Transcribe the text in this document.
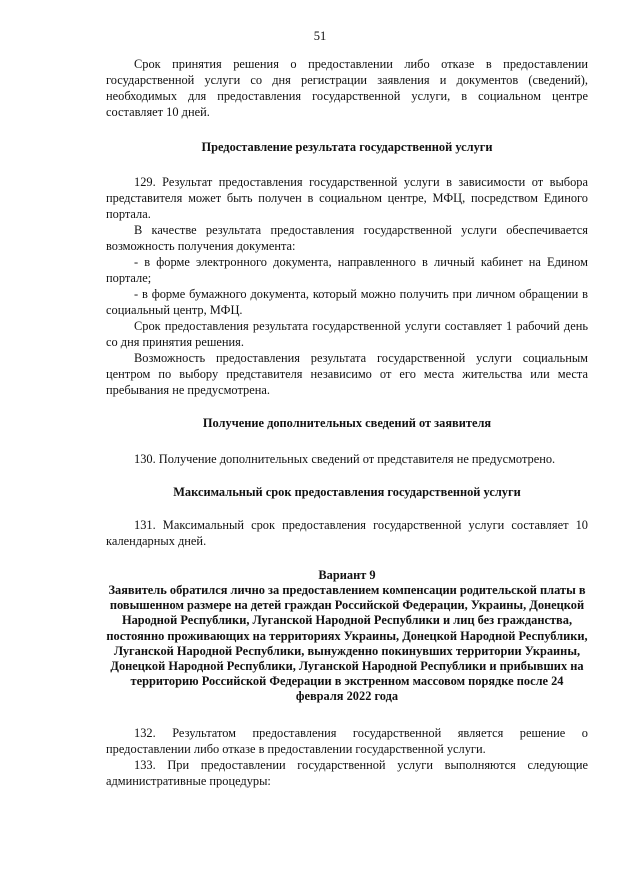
51

Срок принятия решения о предоставлении либо отказе в предоставлении государственной услуги со дня регистрации заявления и документов (сведений), необходимых для предоставления государственной услуги, в социальном центре составляет 10 дней.

Предоставление результата государственной услуги

129. Результат предоставления государственной услуги в зависимости от выбора представителя может быть получен в социальном центре, МФЦ, посредством Единого портала.

В качестве результата предоставления государственной услуги обеспечивается возможность получения документа:

- в форме электронного документа, направленного в личный кабинет на Едином портале;

- в форме бумажного документа, который можно получить при личном обращении в социальный центр, МФЦ.

Срок предоставления результата государственной услуги составляет 1 рабочий день со дня принятия решения.

Возможность предоставления результата государственной услуги социальным центром по выбору представителя независимо от его места жительства или места пребывания не предусмотрена.

Получение дополнительных сведений от заявителя

130. Получение дополнительных сведений от представителя не предусмотрено.

Максимальный срок предоставления государственной услуги

131. Максимальный срок предоставления государственной услуги составляет 10 календарных дней.

Вариант 9

Заявитель обратился лично за предоставлением компенсации родительской платы в повышенном размере на детей граждан Российской Федерации, Украины, Донецкой Народной Республики, Луганской Народной Республики и лиц без гражданства, постоянно проживающих на территориях Украины, Донецкой Народной Республики, Луганской Народной Республики, вынужденно покинувших территории Украины, Донецкой Народной Республики, Луганской Народной Республики и прибывших на территорию Российской Федерации в экстренном массовом порядке после 24 февраля 2022 года

132. Результатом предоставления государственной является решение о предоставлении либо отказе в предоставлении государственной услуги.

133. При предоставлении государственной услуги выполняются следующие административные процедуры:
